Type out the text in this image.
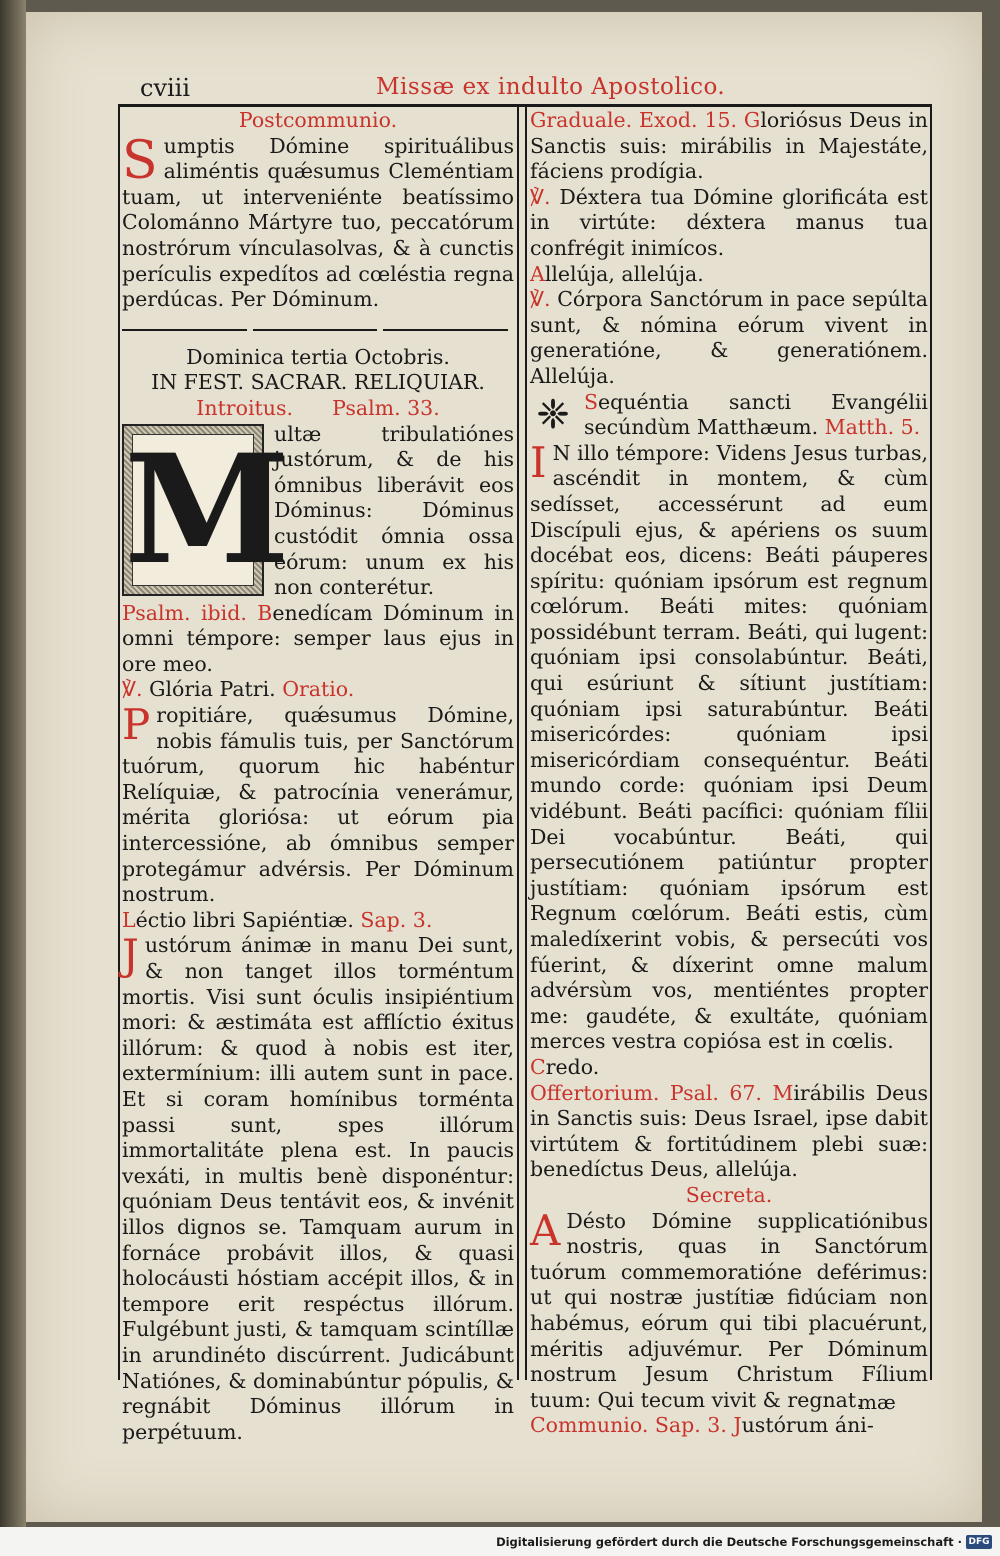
cviii	Missæ ex indulto Apostolico.
Postcommunio.

Sumptis Dómine spirituálibus aliméntis quǽsumus Cleméntiam tuam, ut interveniénte beatíssimo Colománno Mártyre tuo, peccatórum nostrórum vínculasolvas, & à cunctis perículis expedítos ad cœléstia regna perdúcas. Per Dóminum.

Dominica tertia Octobris.
IN FEST. SACRAR. RELIQUIAR.
Introitus. Psalm. 33.

M
ultæ tribulatiónes justórum, & de his ómnibus liberávit eos Dóminus: Dóminus custódit ómnia ossa eórum: unum ex his non conterétur.

Psalm. ibid. Benedícam Dóminum in omni témpore: semper laus ejus in ore meo.

℣. Glória Patri. Oratio.

Propitiáre, quǽsumus Dómine, nobis fámulis tuis, per Sanctórum tuórum, quorum hic habéntur Relíquiæ, & patrocínia venerámur, mérita gloriósa: ut eórum pia intercessióne, ab ómnibus semper protegámur advérsis. Per Dóminum nostrum.

Léctio libri Sapiéntiæ. Sap. 3.

Justórum ánimæ in manu Dei sunt, & non tanget illos torméntum mortis. Visi sunt óculis insipiéntium mori: & æstimáta est afflíctio éxitus illórum: & quod à nobis est iter, extermínium: illi autem sunt in pace. Et si coram homínibus torménta passi sunt, spes illórum immortalitáte plena est. In paucis vexáti, in multis benè disponéntur: quóniam Deus tentávit eos, & invénit illos dignos se. Tamquam aurum in fornáce probávit illos, & quasi holocáusti hóstiam accépit illos, & in tempore erit respéctus illórum. Fulgébunt justi, & tamquam scintíllæ in arundinéto discúrrent. Judicábunt Natiónes, & dominabúntur pópulis, & regnábit Dóminus illórum in perpétuum.

Graduale. Exod. 15. Gloriósus Deus in Sanctis suis: mirábilis in Majestáte, fáciens prodígia.

℣. Déxtera tua Dómine glorificáta est in virtúte: déxtera manus tua confrégit inimícos.

Allelúja, allelúja.

℣. Córpora Sanctórum in pace sepúlta sunt, & nómina eórum vivent in generatióne, & generatiónem. Allelúja.

❈ Sequéntia sancti Evangélii secúndùm Matthæum. Matth. 5.

I N illo témpore: Videns Jesus turbas, ascéndit in montem, & cùm sedísset, accessérunt ad eum Discípuli ejus, & apériens os suum docébat eos, dicens: Beáti páuperes spíritu: quóniam ipsórum est regnum cœlórum. Beáti mites: quóniam possidébunt terram. Beáti, qui lugent: quóniam ipsi consolabúntur. Beáti, qui esúriunt & sítiunt justítiam: quóniam ipsi saturabúntur. Beáti misericórdes: quóniam ipsi misericórdiam consequéntur. Beáti mundo corde: quóniam ipsi Deum vidébunt. Beáti pacífici: quóniam fílii Dei vocabúntur. Beáti, qui persecutiónem patiúntur propter justítiam: quóniam ipsórum est Regnum cœlórum. Beáti estis, cùm maledíxerint vobis, & persecúti vos fúerint, & díxerint omne malum advérsùm vos, mentiéntes propter me: gaudéte, & exultáte, quóniam merces vestra copiósa est in cœlis.

Credo.

Offertorium. Psal. 67. Mirábilis Deus in Sanctis suis: Deus Israel, ipse dabit virtútem & fortitúdinem plebi suæ: benedíctus Deus, allelúja.

Secreta.

A Désto Dómine supplicatiónibus nostris, quas in Sanctórum tuórum commemoratióne deférimus: ut qui nostræ justítiæ fidúciam non habémus, eórum qui tibi placuérunt, méritis adjuvémur. Per Dóminum nostrum Jesum Christum Fílium tuum: Qui tecum vivit & regnat.

Communio. Sap. 3. Justórum áni-

mæ
Digitalisierung gefördert durch die Deutsche Forschungsgemeinschaft · DFG
